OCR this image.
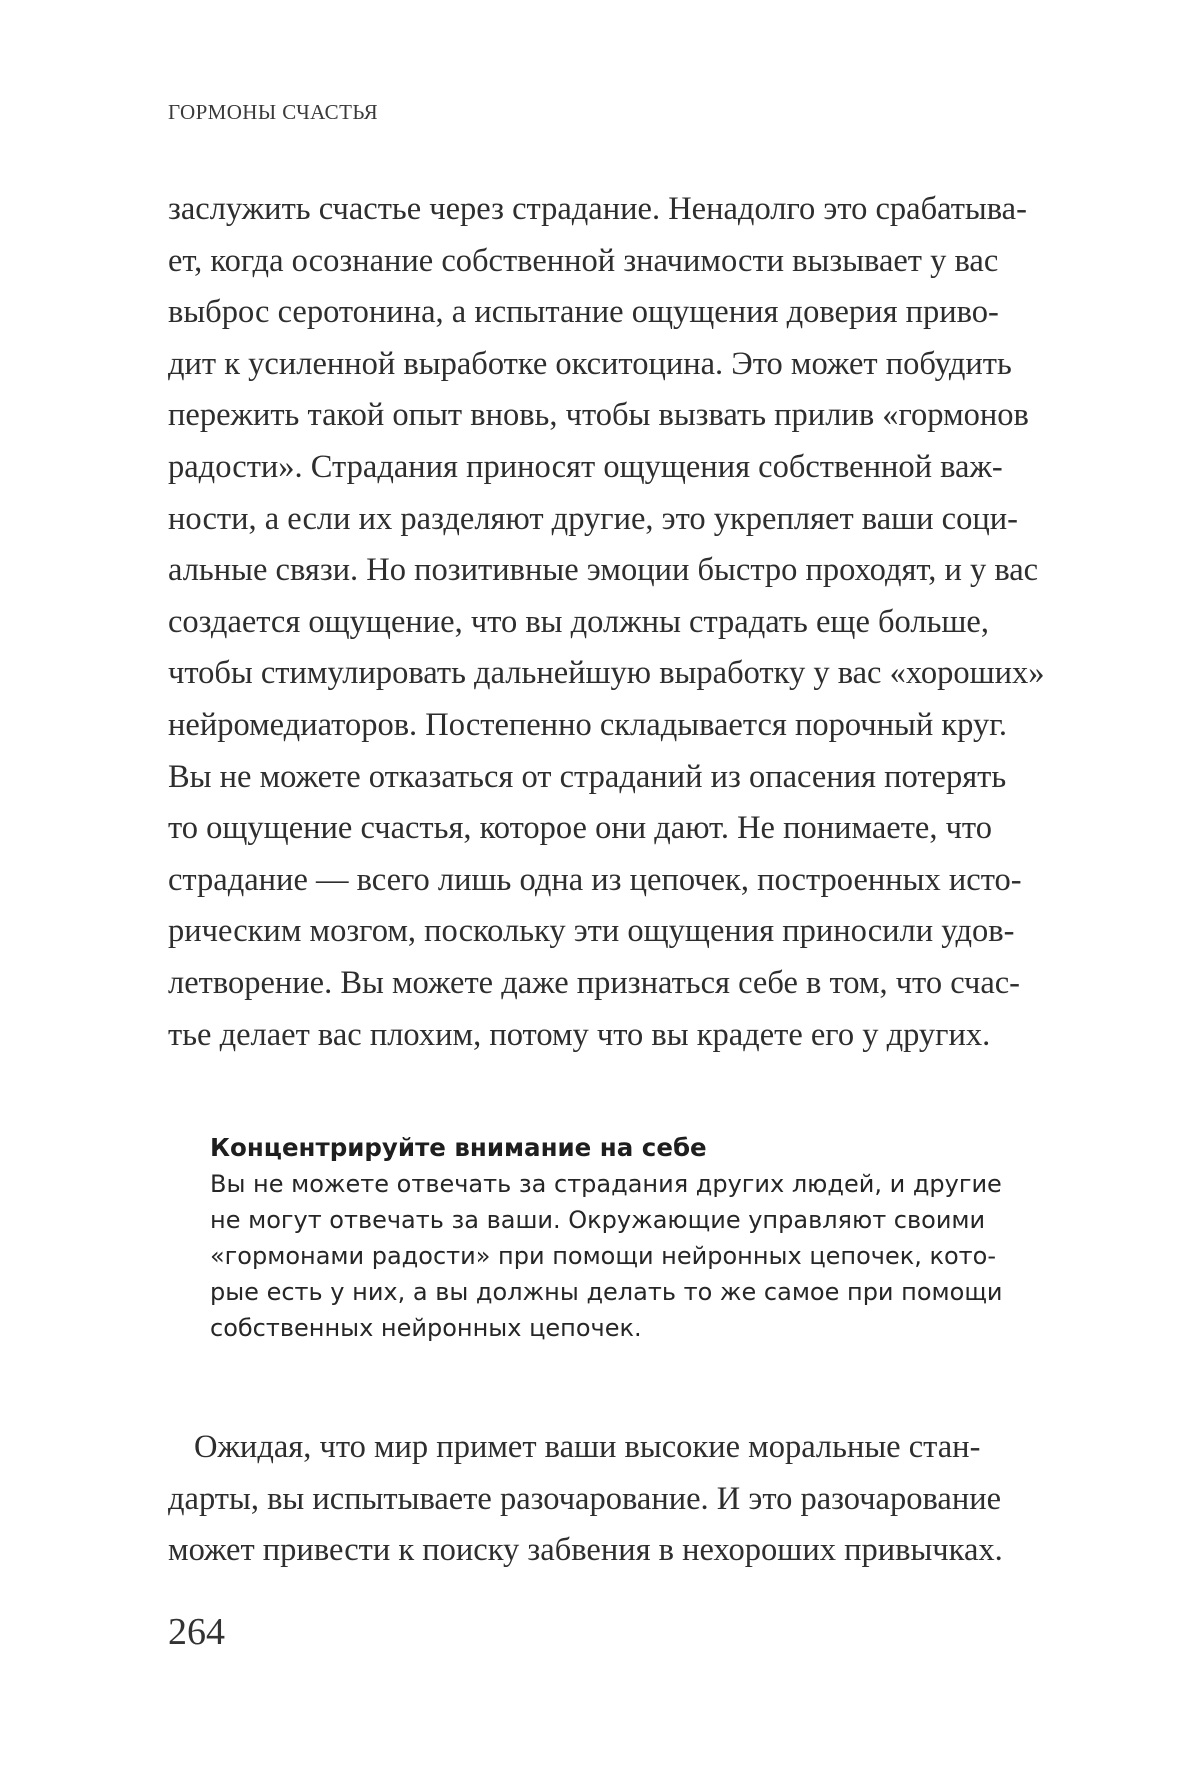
ГОРМОНЫ СЧАСТЬЯ
заслужить счастье через страдание. Ненадолго это срабатыва-
ет, когда осознание собственной значимости вызывает у вас
выброс серотонина, а испытание ощущения доверия приво-
дит к усиленной выработке окситоцина. Это может побудить
пережить такой опыт вновь, чтобы вызвать прилив «гормонов
радости». Страдания приносят ощущения собственной важ-
ности, а если их разделяют другие, это укрепляет ваши соци-
альные связи. Но позитивные эмоции быстро проходят, и у вас
создается ощущение, что вы должны страдать еще больше,
чтобы стимулировать дальнейшую выработку у вас «хороших»
нейромедиаторов. Постепенно складывается порочный круг.
Вы не можете отказаться от страданий из опасения потерять
то ощущение счастья, которое они дают. Не понимаете, что
страдание — всего лишь одна из цепочек, построенных исто-
рическим мозгом, поскольку эти ощущения приносили удов-
летворение. Вы можете даже признаться себе в том, что счас-
тье делает вас плохим, потому что вы крадете его у других.
Концентрируйте внимание на себе
Вы не можете отвечать за страдания других людей, и другие
не могут отвечать за ваши. Окружающие управляют своими
«гормонами радости» при помощи нейронных цепочек, кото-
рые есть у них, а вы должны делать то же самое при помощи
собственных нейронных цепочек.
Ожидая, что мир примет ваши высокие моральные стан-
дарты, вы испытываете разочарование. И это разочарование
может привести к поиску забвения в нехороших привычках.
264
